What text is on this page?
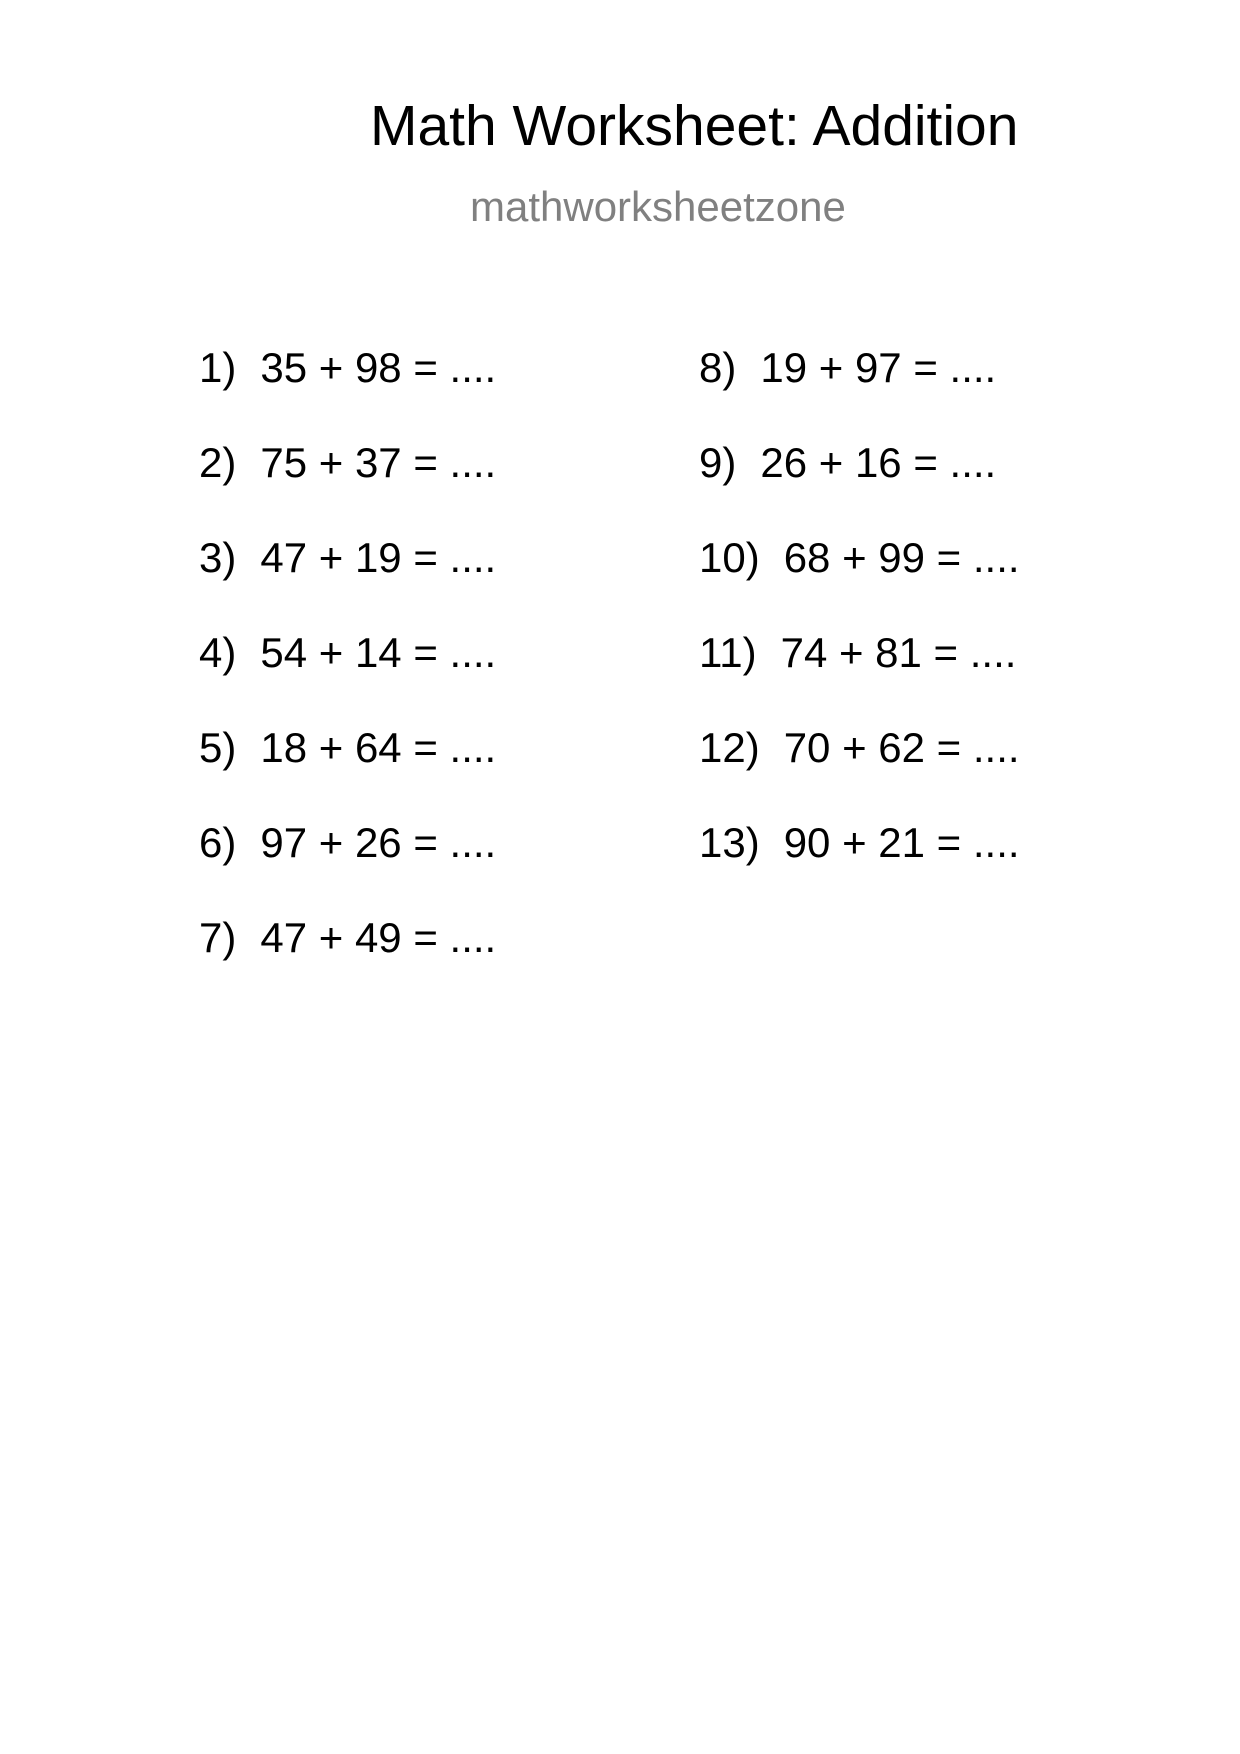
Math Worksheet: Addition
mathworksheetzone
1) 35 + 98 = ....
2) 75 + 37 = ....
3) 47 + 19 = ....
4) 54 + 14 = ....
5) 18 + 64 = ....
6) 97 + 26 = ....
7) 47 + 49 = ....
8) 19 + 97 = ....
9) 26 + 16 = ....
10) 68 + 99 = ....
11) 74 + 81 = ....
12) 70 + 62 = ....
13) 90 + 21 = ....
